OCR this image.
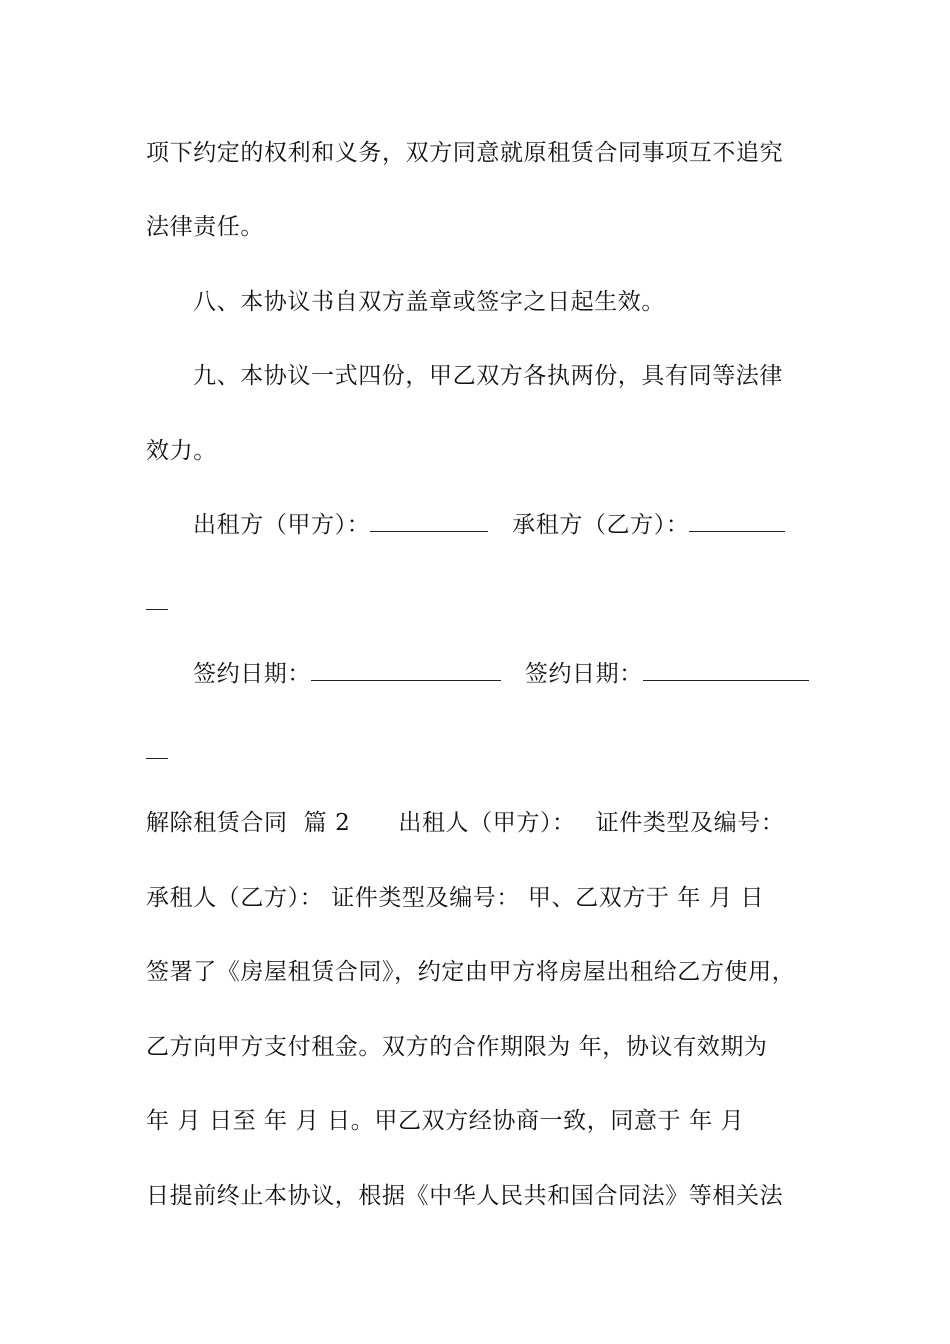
项下约定的权利和义务，双方同意就原租赁合同事项互不追究
法律责任。
八、本协议书自双方盖章或签字之日起生效。
九、本协议一式四份，甲乙双方各执两份，具有同等法律
效力。
出租方（甲方）：	承租方（乙方）：
签约日期：	签约日期：
解除租赁合同 篇 2 出租人（甲方）： 证件类型及编号：
承租人（乙方）： 证件类型及编号： 甲、乙双方于 年 月 日
签署了《房屋租赁合同》，约定由甲方将房屋出租给乙方使用，
乙方向甲方支付租金。双方的合作期限为 年，协议有效期为
年 月 日至 年 月 日。甲乙双方经协商一致，同意于 年 月
日提前终止本协议，根据《中华人民共和国合同法》等相关法
